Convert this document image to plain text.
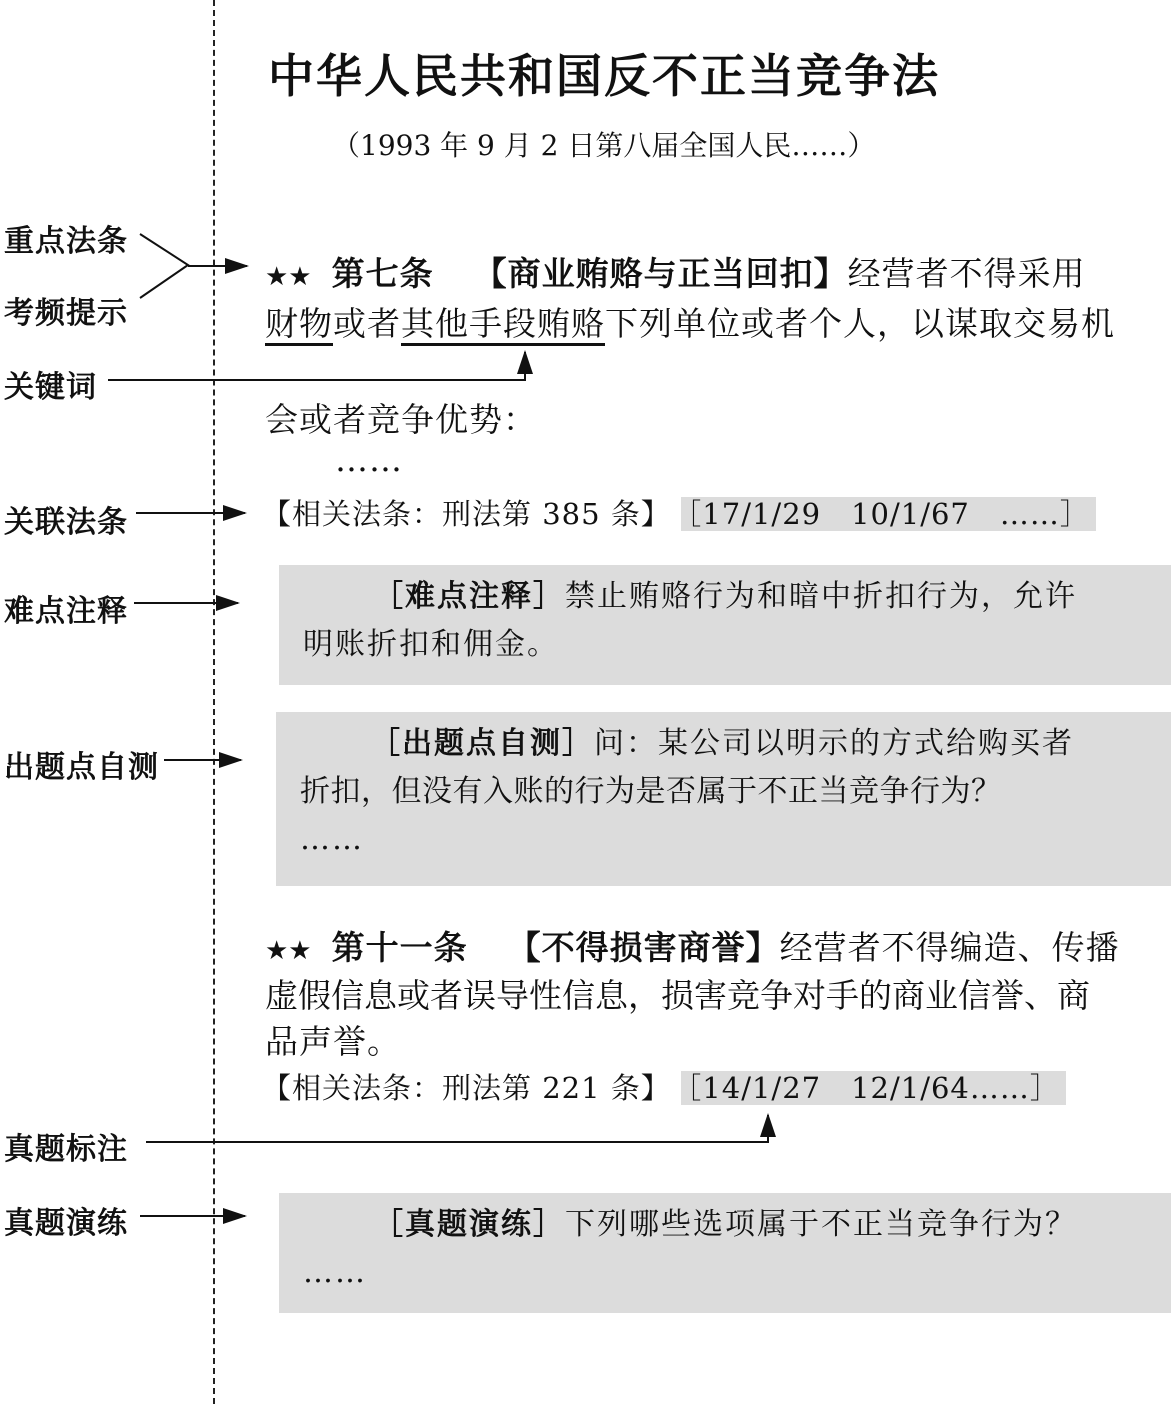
中华人民共和国反不正当竞争法
（1993 年 9 月 2 日第八届全国人民……）
重点法条
考频提示
关键词
关联法条
难点注释
出题点自测
真题标注
真题演练
★★ 第七条 【商业贿赂与正当回扣】经营者不得采用
财物或者其他手段贿赂下列单位或者个人，以谋取交易机
会或者竞争优势：
……
【相关法条：刑法第 385 条】 ［17/1/29　10/1/67　……］
［难点注释］禁止贿赂行为和暗中折扣行为，允许
明账折扣和佣金。
［出题点自测］问：某公司以明示的方式给购买者
折扣，但没有入账的行为是否属于不正当竞争行为？
……
★★ 第十一条 【不得损害商誉】经营者不得编造、传播
虚假信息或者误导性信息，损害竞争对手的商业信誉、商
品声誉。
【相关法条：刑法第 221 条】 ［14/1/27　12/1/64……］
［真题演练］下列哪些选项属于不正当竞争行为？
……
